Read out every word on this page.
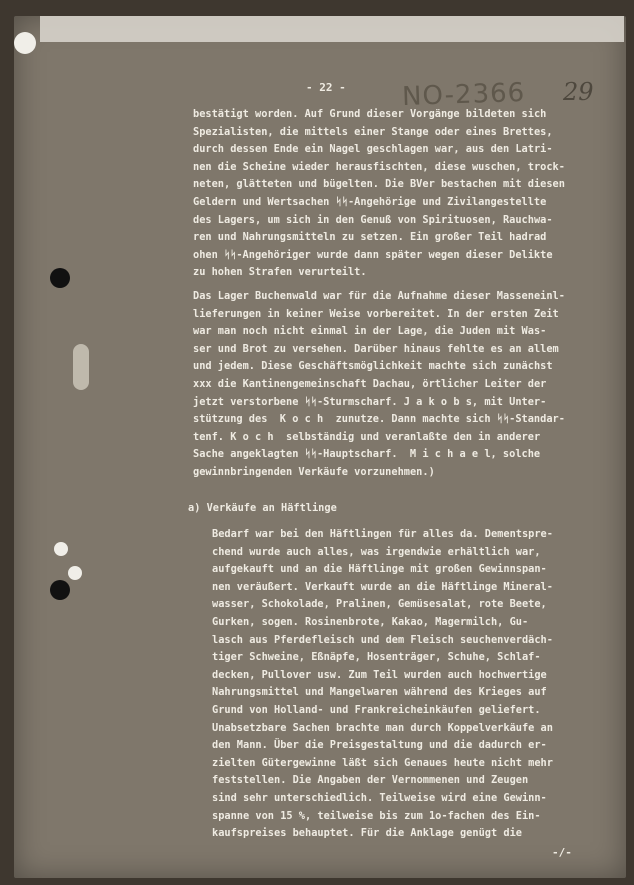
- 22 - NO-2366 29
bestätigt worden. Auf Grund dieser Vorgänge bildeten sich
Spezialisten, die mittels einer Stange oder eines Brettes,
durch dessen Ende ein Nagel geschlagen war, aus den Latri-
nen die Scheine wieder herausfischten, diese wuschen, trock-
neten, glätteten und bügelten. Die BVer bestachen mit diesen
Geldern und Wertsachen ᛋᛋ-Angehörige und Zivilangestellte
des Lagers, um sich in den Genuß von Spirituosen, Rauchwa-
ren und Nahrungsmitteln zu setzen. Ein großer Teil hadrad
ohen ᛋᛋ-Angehöriger wurde dann später wegen dieser Delikte
zu hohen Strafen verurteilt.
Das Lager Buchenwald war für die Aufnahme dieser Masseneinl-
lieferungen in keiner Weise vorbereitet. In der ersten Zeit
war man noch nicht einmal in der Lage, die Juden mit Was-
ser und Brot zu versehen. Darüber hinaus fehlte es an allem
und jedem. Diese Geschäftsmöglichkeit machte sich zunächst
xxx die Kantinengemeinschaft Dachau, örtlicher Leiter der
jetzt verstorbene ᛋᛋ-Sturmscharf. J a k o b s, mit Unter-
stützung des  K o c h  zunutze. Dann machte sich ᛋᛋ-Standar-
tenf. K o c h  selbständig und veranlaßte den in anderer
Sache angeklagten ᛋᛋ-Hauptscharf.  M i c h a e l, solche
gewinnbringenden Verkäufe vorzunehmen.)
a) Verkäufe an Häftlinge
Bedarf war bei den Häftlingen für alles da. Dementspre-
chend wurde auch alles, was irgendwie erhältlich war,
aufgekauft und an die Häftlinge mit großen Gewinnspan-
nen veräußert. Verkauft wurde an die Häftlinge Mineral-
wasser, Schokolade, Pralinen, Gemüsesalat, rote Beete,
Gurken, sogen. Rosinenbrote, Kakao, Magermilch, Gu-
lasch aus Pferdefleisch und dem Fleisch seuchenverdäch-
tiger Schweine, Eßnäpfe, Hosenträger, Schuhe, Schlaf-
decken, Pullover usw. Zum Teil wurden auch hochwertige
Nahrungsmittel und Mangelwaren während des Krieges auf
Grund von Holland- und Frankreicheinkäufen geliefert.
Unabsetzbare Sachen brachte man durch Koppelverkäufe an
den Mann. Über die Preisgestaltung und die dadurch er-
zielten Gütergewinne läßt sich Genaues heute nicht mehr
feststellen. Die Angaben der Vernommenen und Zeugen
sind sehr unterschiedlich. Teilweise wird eine Gewinn-
spanne von 15 %, teilweise bis zum 1o-fachen des Ein-
kaufspreises behauptet. Für die Anklage genügt die
-/-
